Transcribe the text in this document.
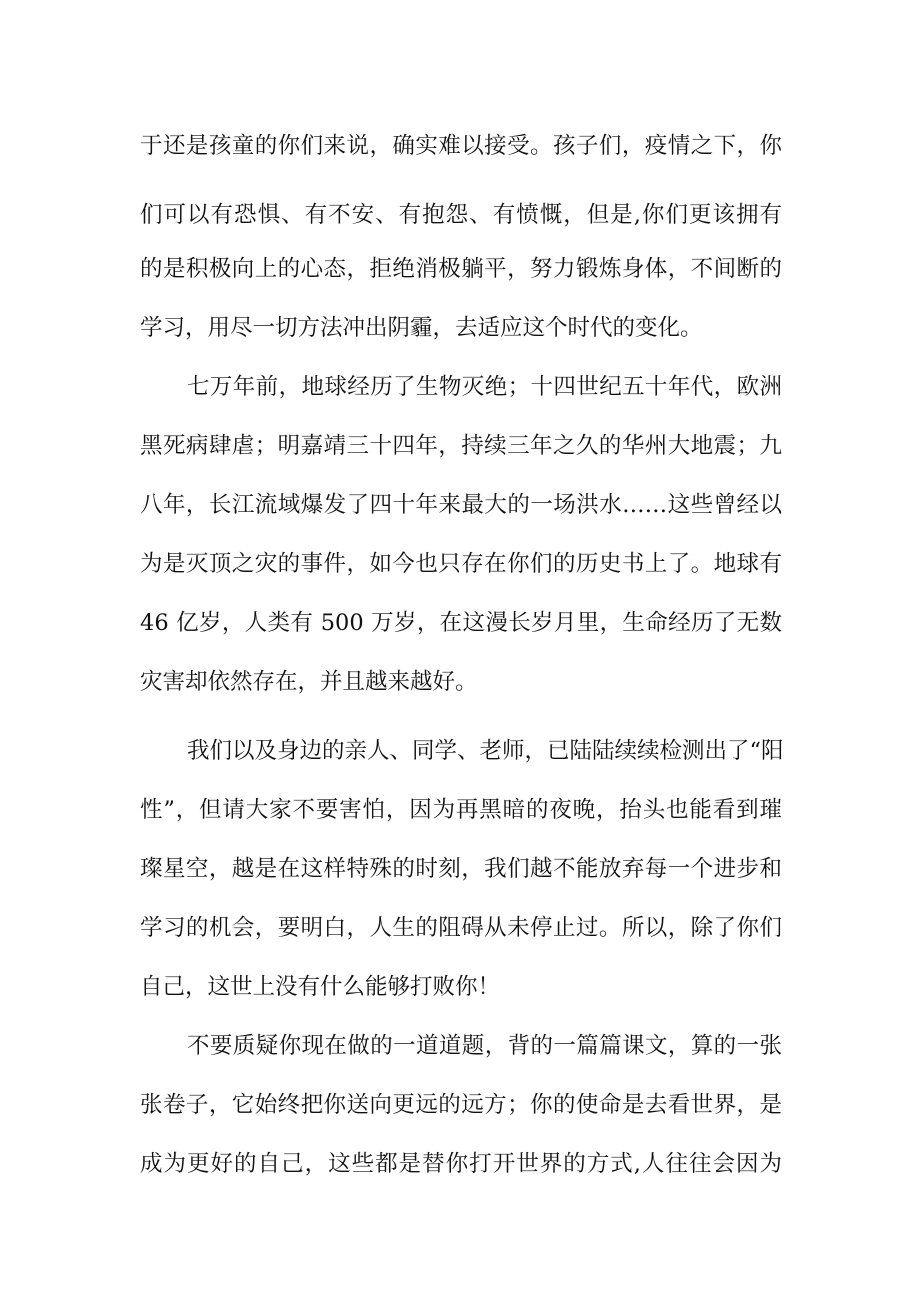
于还是孩童的你们来说，确实难以接受。孩子们，疫情之下，你
们可以有恐惧、有不安、有抱怨、有愤慨，但是,你们更该拥有
的是积极向上的心态，拒绝消极躺平，努力锻炼身体，不间断的
学习，用尽一切方法冲出阴霾，去适应这个时代的变化。
七万年前，地球经历了生物灭绝；十四世纪五十年代，欧洲
黑死病肆虐；明嘉靖三十四年，持续三年之久的华州大地震；九
八年，长江流域爆发了四十年来最大的一场洪水……这些曾经以
为是灭顶之灾的事件，如今也只存在你们的历史书上了。地球有
46 亿岁，人类有 500 万岁，在这漫长岁月里，生命经历了无数
灾害却依然存在，并且越来越好。
我们以及身边的亲人、同学、老师，已陆陆续续检测出了“阳
性”，但请大家不要害怕，因为再黑暗的夜晚，抬头也能看到璀
璨星空，越是在这样特殊的时刻，我们越不能放弃每一个进步和
学习的机会，要明白，人生的阻碍从未停止过。所以，除了你们
自己，这世上没有什么能够打败你！
不要质疑你现在做的一道道题，背的一篇篇课文，算的一张
张卷子，它始终把你送向更远的远方；你的使命是去看世界，是
成为更好的自己，这些都是替你打开世界的方式,人往往会因为
